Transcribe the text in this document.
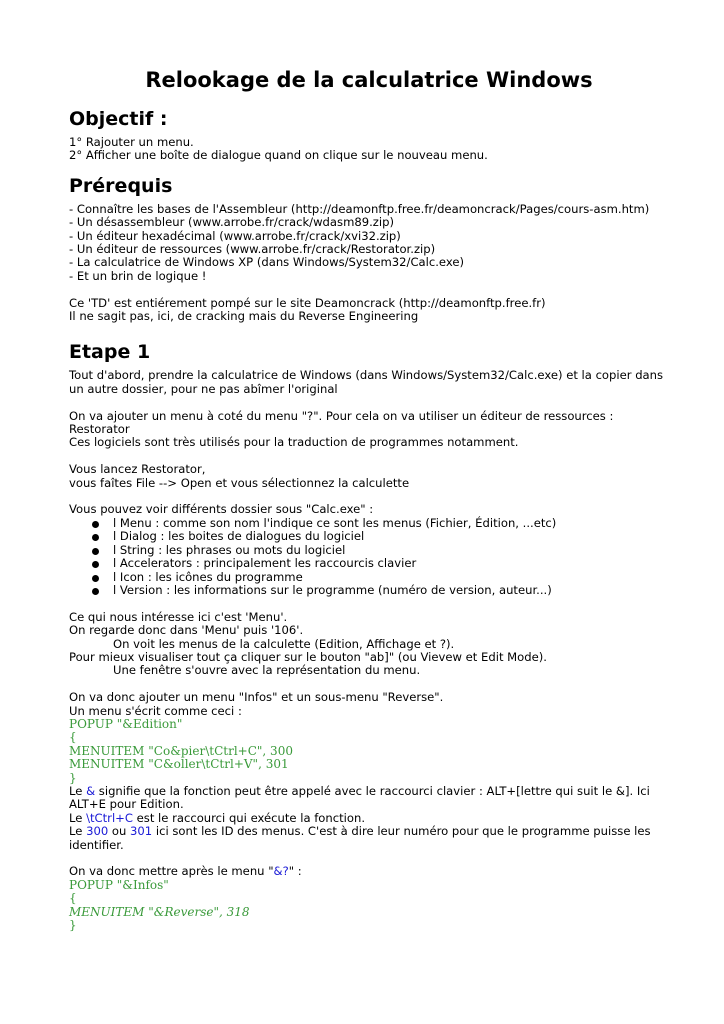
Relookage de la calculatrice Windows
Objectif :

1° Rajouter un menu.

2° Afficher une boîte de dialogue quand on clique sur le nouveau menu.

Prérequis

- Connaître les bases de l'Assembleur (http://deamonftp.free.fr/deamoncrack/Pages/cours-asm.htm)

- Un désassembleur (www.arrobe.fr/crack/wdasm89.zip)

- Un éditeur hexadécimal (www.arrobe.fr/crack/xvi32.zip)

- Un éditeur de ressources (www.arrobe.fr/crack/Restorator.zip)

- La calculatrice de Windows XP (dans Windows/System32/Calc.exe)

- Et un brin de logique !

Ce 'TD' est entiérement pompé sur le site Deamoncrack (http://deamonftp.free.fr)

Il ne sagit pas, ici, de cracking mais du Reverse Engineering

Etape 1

Tout d'abord, prendre la calculatrice de Windows (dans Windows/System32/Calc.exe) et la copier dans

un autre dossier, pour ne pas abîmer l'original

On va ajouter un menu à coté du menu "?". Pour cela on va utiliser un éditeur de ressources : Restorator

Ces logiciels sont très utilisés pour la traduction de programmes notamment.

Vous lancez Restorator,

vous faîtes File --> Open et vous sélectionnez la calculette

Vous pouvez voir différents dossier sous "Calc.exe" :

l Menu : comme son nom l'indique ce sont les menus (Fichier, Édition, ...etc)
l Dialog : les boites de dialogues du logiciel
l String : les phrases ou mots du logiciel
l Accelerators : principalement les raccourcis clavier
l Icon : les icônes du programme
l Version : les informations sur le programme (numéro de version, auteur...)

Ce qui nous intéresse ici c'est 'Menu'.

On regarde donc dans 'Menu' puis '106'.

On voit les menus de la calculette (Edition, Affichage et ?).

Pour mieux visualiser tout ça cliquer sur le bouton "ab]" (ou Vievew et Edit Mode).

Une fenêtre s'ouvre avec la représentation du menu.

On va donc ajouter un menu "Infos" et un sous-menu "Reverse".

Un menu s'écrit comme ceci :

POPUP "&Edition"
{
MENUITEM "Co&pier\tCtrl+C", 300
MENUITEM "C&oller\tCtrl+V", 301
}

Le & signifie que la fonction peut être appelé avec le raccourci clavier : ALT+[lettre qui suit le &]. Ici

ALT+E pour Edition.

Le \tCtrl+C est le raccourci qui exécute la fonction.

Le 300 ou 301 ici sont les ID des menus. C'est à dire leur numéro pour que le programme puisse les

identifier.

On va donc mettre après le menu "&?" :

POPUP "&Infos"
{
MENUITEM "&Reverse", 318
}
